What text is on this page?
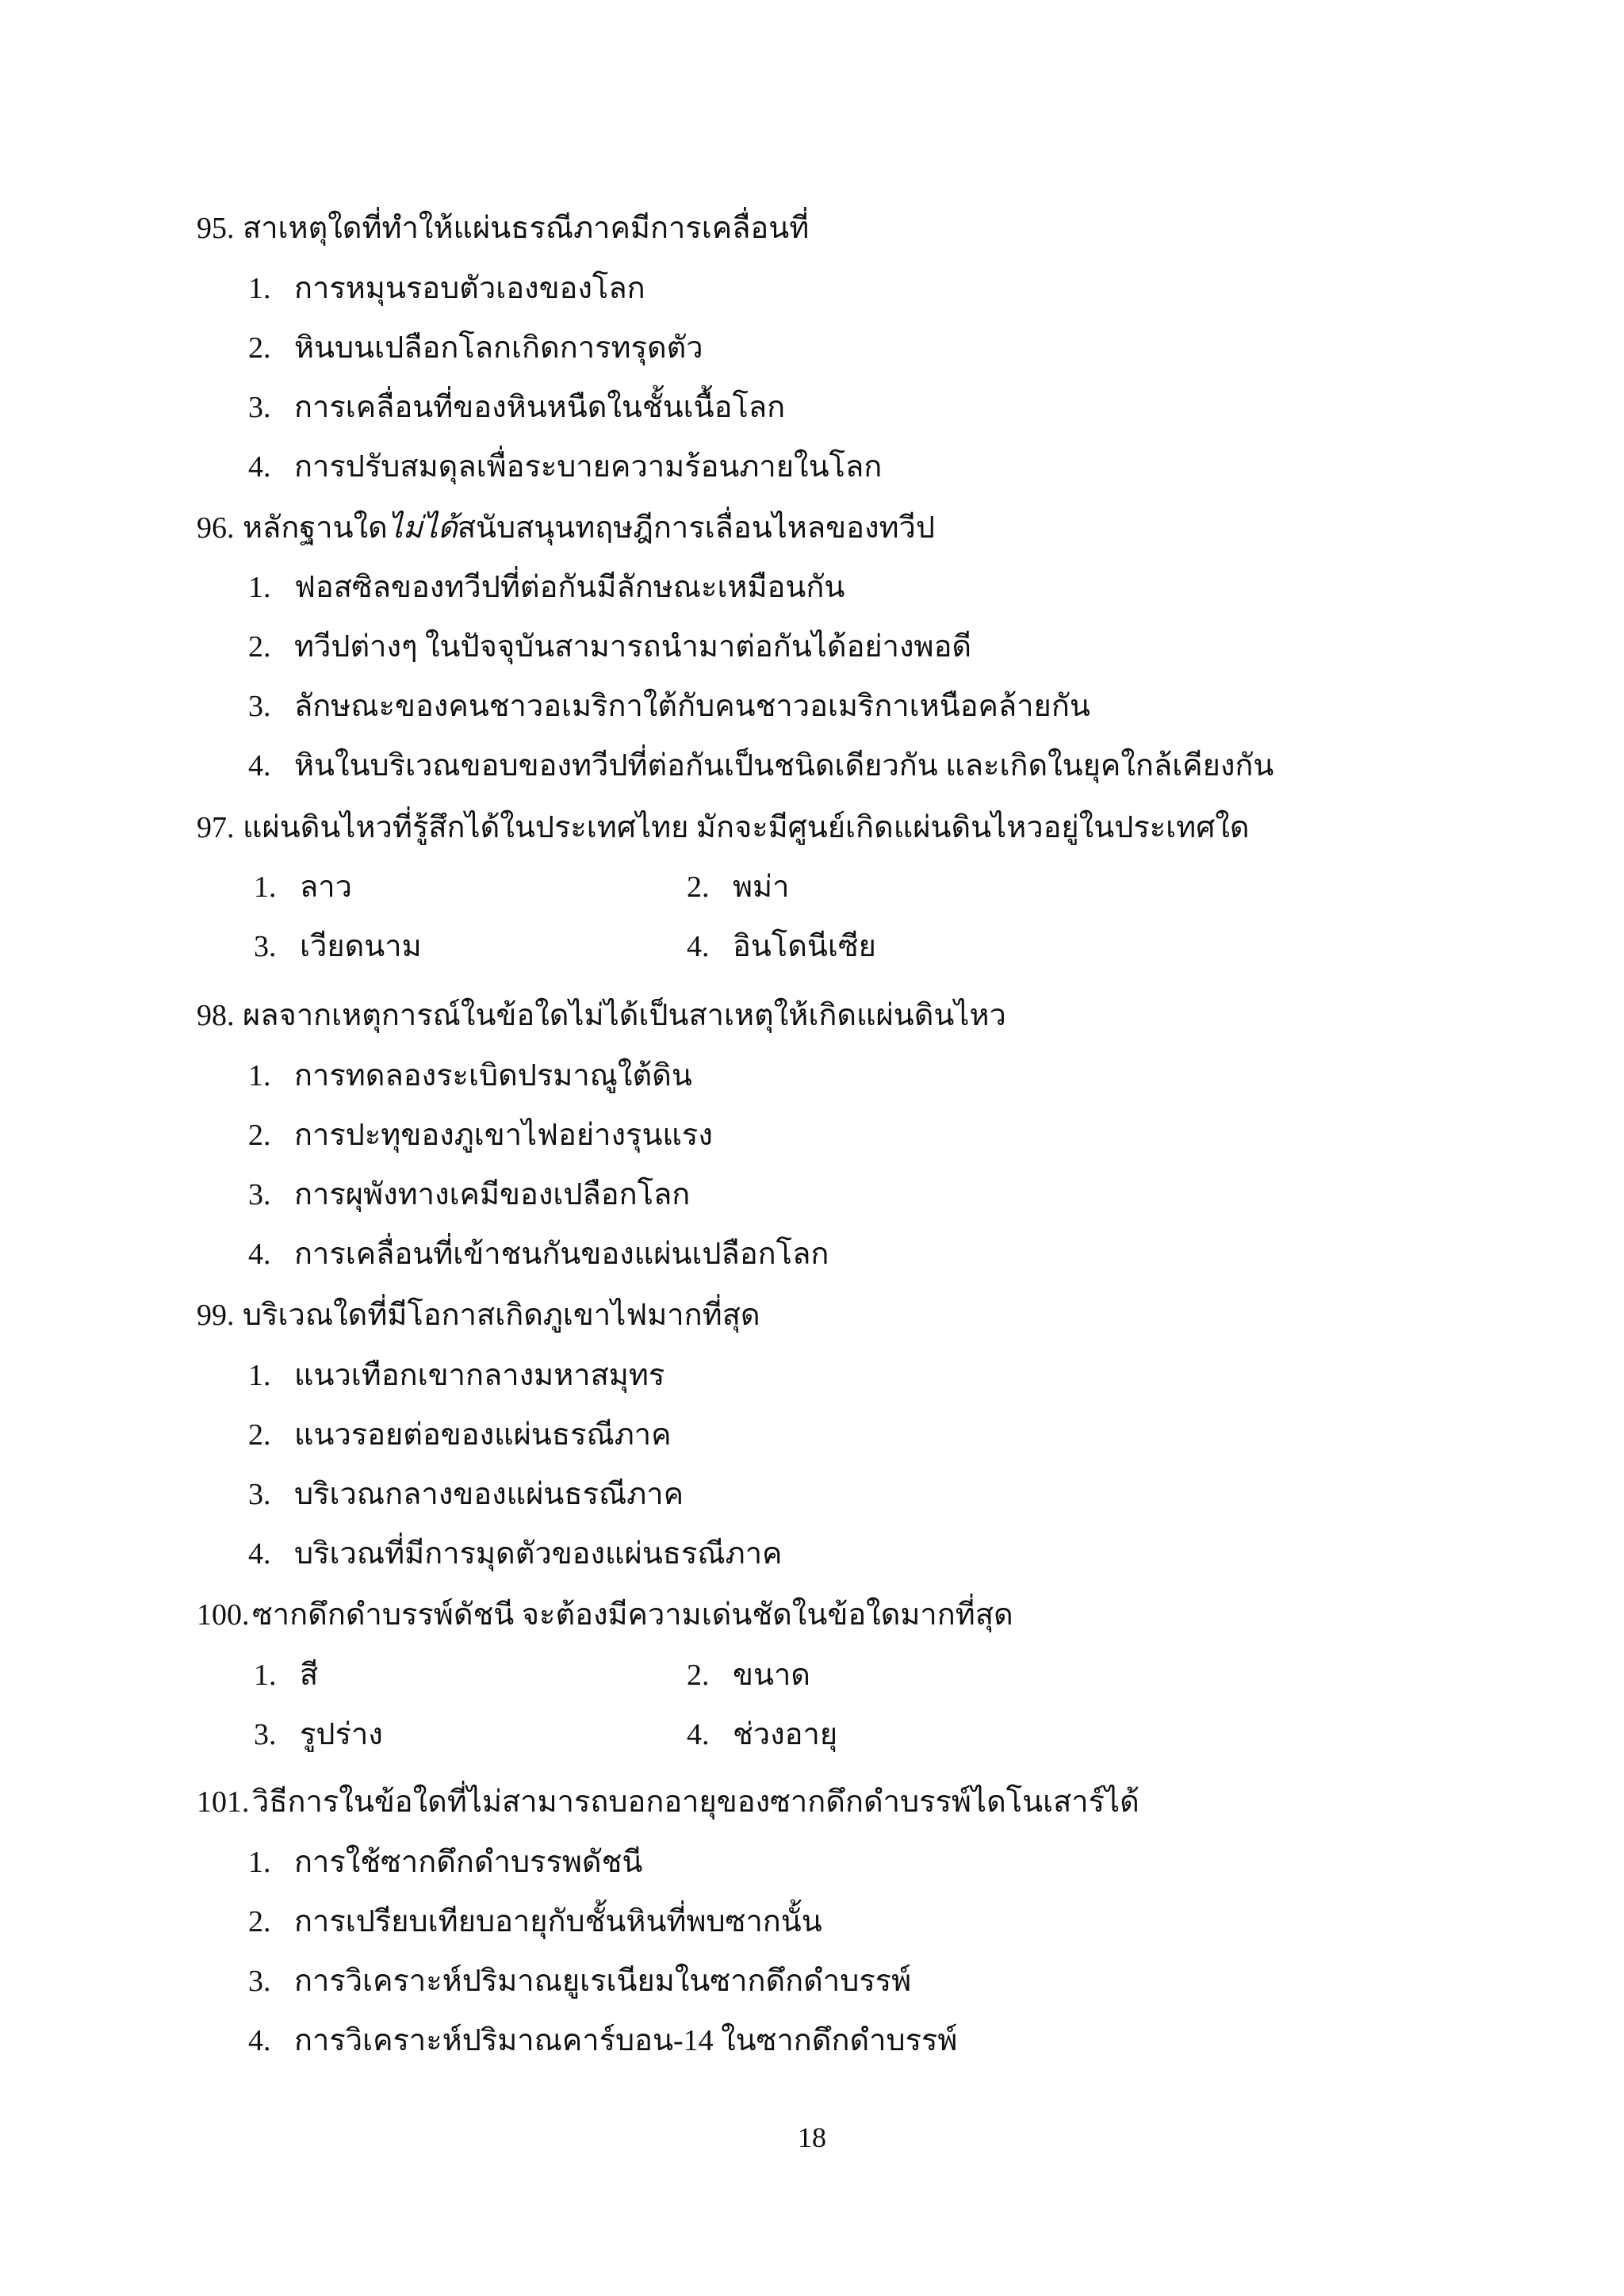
95. สาเหตุใดที่ทำให้แผ่นธรณีภาคมีการเคลื่อนที่
1. การหมุนรอบตัวเองของโลก
2. หินบนเปลือกโลกเกิดการทรุดตัว
3. การเคลื่อนที่ของหินหนืดในชั้นเนื้อโลก
4. การปรับสมดุลเพื่อระบายความร้อนภายในโลก
96. หลักฐานใดไม่ได้สนับสนุนทฤษฎีการเลื่อนไหลของทวีป
1. ฟอสซิลของทวีปที่ต่อกันมีลักษณะเหมือนกัน
2. ทวีปต่างๆ ในปัจจุบันสามารถนำมาต่อกันได้อย่างพอดี
3. ลักษณะของคนชาวอเมริกาใต้กับคนชาวอเมริกาเหนือคล้ายกัน
4. หินในบริเวณขอบของทวีปที่ต่อกันเป็นชนิดเดียวกัน และเกิดในยุคใกล้เคียงกัน
97. แผ่นดินไหวที่รู้สึกได้ในประเทศไทย มักจะมีศูนย์เกิดแผ่นดินไหวอยู่ในประเทศใด
1. ลาว	2. พม่า
3. เวียดนาม	4. อินโดนีเซีย
98. ผลจากเหตุการณ์ในข้อใดไม่ได้เป็นสาเหตุให้เกิดแผ่นดินไหว
1. การทดลองระเบิดปรมาณูใต้ดิน
2. การปะทุของภูเขาไฟอย่างรุนแรง
3. การผุพังทางเคมีของเปลือกโลก
4. การเคลื่อนที่เข้าชนกันของแผ่นเปลือกโลก
99. บริเวณใดที่มีโอกาสเกิดภูเขาไฟมากที่สุด
1. แนวเทือกเขากลางมหาสมุทร
2. แนวรอยต่อของแผ่นธรณีภาค
3. บริเวณกลางของแผ่นธรณีภาค
4. บริเวณที่มีการมุดตัวของแผ่นธรณีภาค
100.ซากดึกดำบรรพ์ดัชนี จะต้องมีความเด่นชัดในข้อใดมากที่สุด
1. สี	2. ขนาด
3. รูปร่าง	4. ช่วงอายุ
101.วิธีการในข้อใดที่ไม่สามารถบอกอายุของซากดึกดำบรรพ์ไดโนเสาร์ได้
1. การใช้ซากดึกดำบรรพดัชนี
2. การเปรียบเทียบอายุกับชั้นหินที่พบซากนั้น
3. การวิเคราะห์ปริมาณยูเรเนียมในซากดึกดำบรรพ์
4. การวิเคราะห์ปริมาณคาร์บอน-14 ในซากดึกดำบรรพ์
18
